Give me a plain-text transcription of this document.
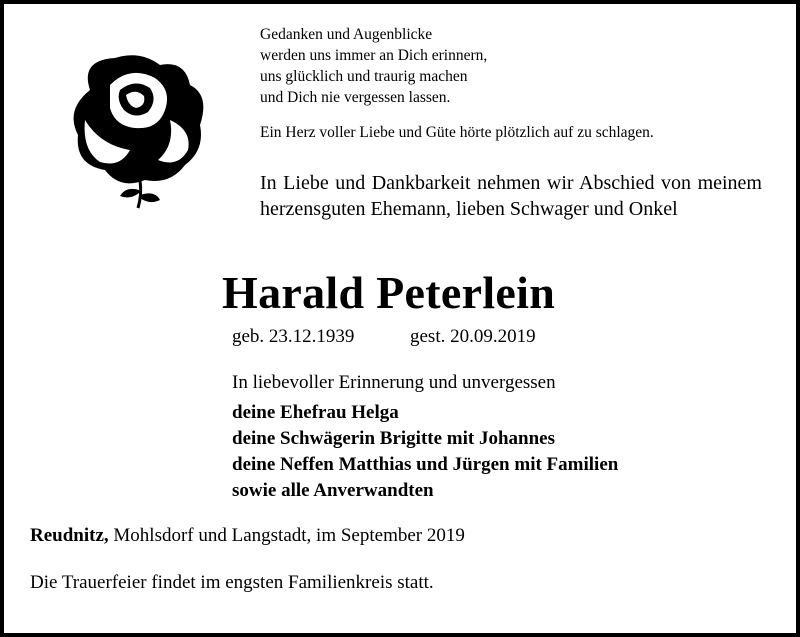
Gedanken und Augenblicke
werden uns immer an Dich erinnern,
uns glücklich und traurig machen
und Dich nie vergessen lassen.
Ein Herz voller Liebe und Güte hörte plötzlich auf zu schlagen.
In Liebe und Dankbarkeit nehmen wir Abschied von meinem herzensguten Ehemann, lieben Schwager und Onkel
Harald Peterlein
geb. 23.12.1939	gest. 20.09.2019
In liebevoller Erinnerung und unvergessen
deine Ehefrau Helga
deine Schwägerin Brigitte mit Johannes
deine Neffen Matthias und Jürgen mit Familien
sowie alle Anverwandten
Reudnitz, Mohlsdorf und Langstadt, im September 2019
Die Trauerfeier findet im engsten Familienkreis statt.
